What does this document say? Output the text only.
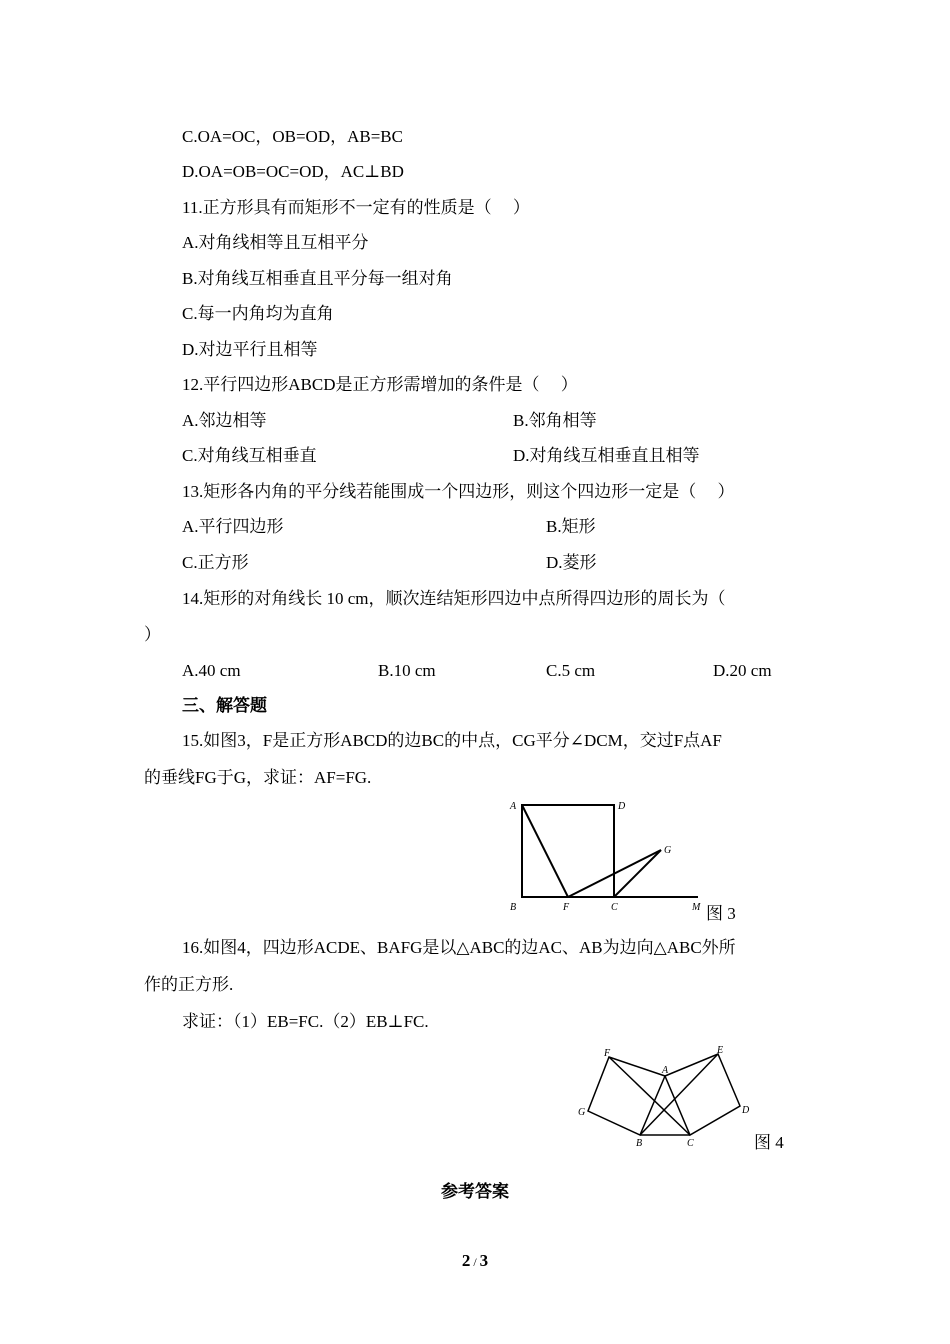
C.OA=OC，OB=OD，AB=BC
D.OA=OB=OC=OD，AC⊥BD
11.正方形具有而矩形不一定有的性质是（　 ）
A.对角线相等且互相平分
B.对角线互相垂直且平分每一组对角
C.每一内角均为直角
D.对边平行且相等
12.平行四边形ABCD是正方形需增加的条件是（　 ）
A.邻边相等	B.邻角相等
C.对角线互相垂直	D.对角线互相垂直且相等
13.矩形各内角的平分线若能围成一个四边形，则这个四边形一定是（　 ）
A.平行四边形	B.矩形
C.正方形	D.菱形
14.矩形的对角线长 10 cm，顺次连结矩形四边中点所得四边形的周长为（
）
A.40 cm	B.10 cm	C.5 cm	D.20 cm
三、解答题
15.如图3，F是正方形ABCD的边BC的中点，CG平分∠DCM，交过F点AF
的垂线FG于G，求证：AF=FG.
A	D
G
B	F	C	M 图 3
16.如图4，四边形ACDE、BAFG是以△ABC的边AC、AB为边向△ABC外所
作的正方形.
求证：（1）EB=FC.（2）EB⊥FC.
F	E
A
G	D
B	C	图 4
参考答案
2 / 3
